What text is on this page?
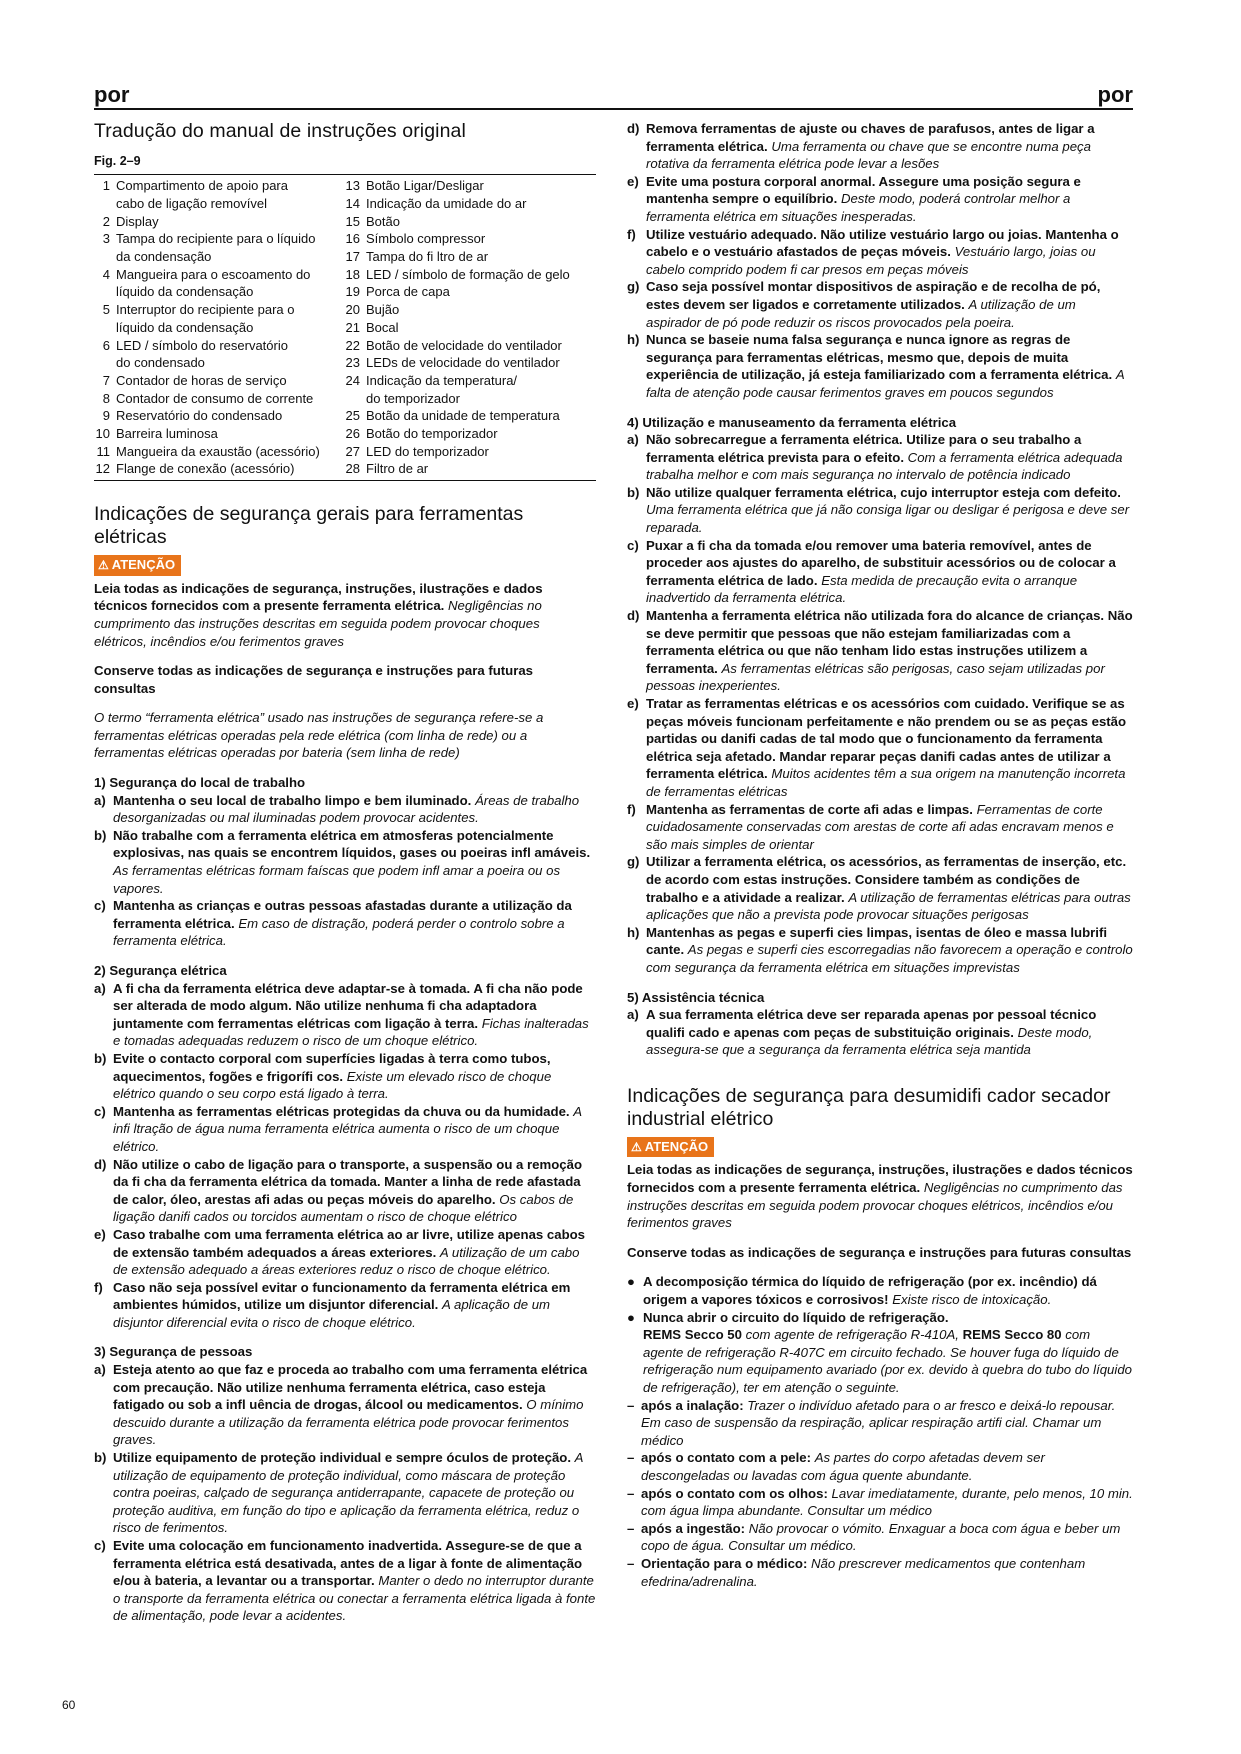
por	por
Tradução do manual de instruções original
Fig. 2–9
1	Compartimento de apoio para	13	Botão Ligar/Desligar
	cabo de ligação removível	14	Indicação da umidade do ar
2	Display	15	Botão
3	Tampa do recipiente para o líquido	16	Símbolo compressor
	da condensação	17	Tampa do fi ltro de ar
4	Mangueira para o escoamento do	18	LED / símbolo de formação de gelo
	líquido da condensação	19	Porca de capa
5	Interruptor do recipiente para o	20	Bujão
	líquido da condensação	21	Bocal
6	LED / símbolo do reservatório	22	Botão de velocidade do ventilador
	do condensado	23	LEDs de velocidade do ventilador
7	Contador de horas de serviço	24	Indicação da temperatura/
8	Contador de consumo de corrente		do temporizador
9	Reservatório do condensado	25	Botão da unidade de temperatura
10	Barreira luminosa	26	Botão do temporizador
11	Mangueira da exaustão (acessório)	27	LED do temporizador
12	Flange de conexão (acessório)	28	Filtro de ar
Indicações de segurança gerais para ferramentas elétricas
⚠ ATENÇÃO

Leia todas as indicações de segurança, instruções, ilustrações e dados técnicos fornecidos com a presente ferramenta elétrica. Negligências no cumprimento das instruções descritas em seguida podem provocar choques elétricos, incêndios e/ou ferimentos graves

Conserve todas as indicações de segurança e instruções para futuras consultas

O termo “ferramenta elétrica” usado nas instruções de segurança refere-se a ferramentas elétricas operadas pela rede elétrica (com linha de rede) ou a ferramentas elétricas operadas por bateria (sem linha de rede)

1) Segurança do local de trabalho

a) Mantenha o seu local de trabalho limpo e bem iluminado. Áreas de trabalho desorganizadas ou mal iluminadas podem provocar acidentes.
b) Não trabalhe com a ferramenta elétrica em atmosferas potencialmente explosivas, nas quais se encontrem líquidos, gases ou poeiras infl amáveis. As ferramentas elétricas formam faíscas que podem infl amar a poeira ou os vapores.
c) Mantenha as crianças e outras pessoas afastadas durante a utilização da ferramenta elétrica. Em caso de distração, poderá perder o controlo sobre a ferramenta elétrica.

2) Segurança elétrica

a) A fi cha da ferramenta elétrica deve adaptar-se à tomada. A fi cha não pode ser alterada de modo algum. Não utilize nenhuma fi cha adaptadora juntamente com ferramentas elétricas com ligação à terra. Fichas inalteradas e tomadas adequadas reduzem o risco de um choque elétrico.
b) Evite o contacto corporal com superfícies ligadas à terra como tubos, aquecimentos, fogões e frigorífi cos. Existe um elevado risco de choque elétrico quando o seu corpo está ligado à terra.
c) Mantenha as ferramentas elétricas protegidas da chuva ou da humidade. A infi ltração de água numa ferramenta elétrica aumenta o risco de um choque elétrico.
d) Não utilize o cabo de ligação para o transporte, a suspensão ou a remoção da fi cha da ferramenta elétrica da tomada. Manter a linha de rede afastada de calor, óleo, arestas afi adas ou peças móveis do aparelho. Os cabos de ligação danifi cados ou torcidos aumentam o risco de choque elétrico
e) Caso trabalhe com uma ferramenta elétrica ao ar livre, utilize apenas cabos de extensão também adequados a áreas exteriores. A utilização de um cabo de extensão adequado a áreas exteriores reduz o risco de choque elétrico.
f) Caso não seja possível evitar o funcionamento da ferramenta elétrica em ambientes húmidos, utilize um disjuntor diferencial. A aplicação de um disjuntor diferencial evita o risco de choque elétrico.

3) Segurança de pessoas

a) Esteja atento ao que faz e proceda ao trabalho com uma ferramenta elétrica com precaução. Não utilize nenhuma ferramenta elétrica, caso esteja fatigado ou sob a infl uência de drogas, álcool ou medicamentos. O mínimo descuido durante a utilização da ferramenta elétrica pode provocar ferimentos graves.
b) Utilize equipamento de proteção individual e sempre óculos de proteção. A utilização de equipamento de proteção individual, como máscara de proteção contra poeiras, calçado de segurança antiderrapante, capacete de proteção ou proteção auditiva, em função do tipo e aplicação da ferramenta elétrica, reduz o risco de ferimentos.
c) Evite uma colocação em funcionamento inadvertida. Assegure-se de que a ferramenta elétrica está desativada, antes de a ligar à fonte de alimentação e/ou à bateria, a levantar ou a transportar. Manter o dedo no interruptor durante o transporte da ferramenta elétrica ou conectar a ferramenta elétrica ligada à fonte de alimentação, pode levar a acidentes.
d) Remova ferramentas de ajuste ou chaves de parafusos, antes de ligar a ferramenta elétrica. Uma ferramenta ou chave que se encontre numa peça rotativa da ferramenta elétrica pode levar a lesões
e) Evite uma postura corporal anormal. Assegure uma posição segura e mantenha sempre o equilíbrio. Deste modo, poderá controlar melhor a ferramenta elétrica em situações inesperadas.
f) Utilize vestuário adequado. Não utilize vestuário largo ou joias. Mantenha o cabelo e o vestuário afastados de peças móveis. Vestuário largo, joias ou cabelo comprido podem fi car presos em peças móveis
g) Caso seja possível montar dispositivos de aspiração e de recolha de pó, estes devem ser ligados e corretamente utilizados. A utilização de um aspirador de pó pode reduzir os riscos provocados pela poeira.
h) Nunca se baseie numa falsa segurança e nunca ignore as regras de segurança para ferramentas elétricas, mesmo que, depois de muita experiência de utilização, já esteja familiarizado com a ferramenta elétrica. A falta de atenção pode causar ferimentos graves em poucos segundos

4) Utilização e manuseamento da ferramenta elétrica

a) Não sobrecarregue a ferramenta elétrica. Utilize para o seu trabalho a ferramenta elétrica prevista para o efeito. Com a ferramenta elétrica adequada trabalha melhor e com mais segurança no intervalo de potência indicado
b) Não utilize qualquer ferramenta elétrica, cujo interruptor esteja com defeito. Uma ferramenta elétrica que já não consiga ligar ou desligar é perigosa e deve ser reparada.
c) Puxar a fi cha da tomada e/ou remover uma bateria removível, antes de proceder aos ajustes do aparelho, de substituir acessórios ou de colocar a ferramenta elétrica de lado. Esta medida de precaução evita o arranque inadvertido da ferramenta elétrica.
d) Mantenha a ferramenta elétrica não utilizada fora do alcance de crianças. Não se deve permitir que pessoas que não estejam familiarizadas com a ferramenta elétrica ou que não tenham lido estas instruções utilizem a ferramenta. As ferramentas elétricas são perigosas, caso sejam utilizadas por pessoas inexperientes.
e) Tratar as ferramentas elétricas e os acessórios com cuidado. Verifique se as peças móveis funcionam perfeitamente e não prendem ou se as peças estão partidas ou danifi cadas de tal modo que o funcionamento da ferramenta elétrica seja afetado. Mandar reparar peças danifi cadas antes de utilizar a ferramenta elétrica. Muitos acidentes têm a sua origem na manutenção incorreta de ferramentas elétricas
f) Mantenha as ferramentas de corte afi adas e limpas. Ferramentas de corte cuidadosamente conservadas com arestas de corte afi adas encravam menos e são mais simples de orientar
g) Utilizar a ferramenta elétrica, os acessórios, as ferramentas de inserção, etc. de acordo com estas instruções. Considere também as condições de trabalho e a atividade a realizar. A utilização de ferramentas elétricas para outras aplicações que não a prevista pode provocar situações perigosas
h) Mantenhas as pegas e superfi cies limpas, isentas de óleo e massa lubrifi cante. As pegas e superfi cies escorregadias não favorecem a operação e controlo com segurança da ferramenta elétrica em situações imprevistas

5) Assistência técnica

a) A sua ferramenta elétrica deve ser reparada apenas por pessoal técnico qualifi cado e apenas com peças de substituição originais. Deste modo, assegura-se que a segurança da ferramenta elétrica seja mantida
Indicações de segurança para desumidifi cador secador industrial elétrico
⚠ ATENÇÃO

Leia todas as indicações de segurança, instruções, ilustrações e dados técnicos fornecidos com a presente ferramenta elétrica. Negligências no cumprimento das instruções descritas em seguida podem provocar choques elétricos, incêndios e/ou ferimentos graves

Conserve todas as indicações de segurança e instruções para futuras consultas

● A decomposição térmica do líquido de refrigeração (por ex. incêndio) dá origem a vapores tóxicos e corrosivos! Existe risco de intoxicação.
● Nunca abrir o circuito do líquido de refrigeração.
REMS Secco 50 com agente de refrigeração R-410A, REMS Secco 80 com agente de refrigeração R-407C em circuito fechado. Se houver fuga do líquido de refrigeração num equipamento avariado (por ex. devido à quebra do tubo do líquido de refrigeração), ter em atenção o seguinte.
– após a inalação: Trazer o indivíduo afetado para o ar fresco e deixá-lo repousar. Em caso de suspensão da respiração, aplicar respiração artifi cial. Chamar um médico
– após o contato com a pele: As partes do corpo afetadas devem ser descongeladas ou lavadas com água quente abundante.
– após o contato com os olhos: Lavar imediatamente, durante, pelo menos, 10 min. com água limpa abundante. Consultar um médico
– após a ingestão: Não provocar o vómito. Enxaguar a boca com água e beber um copo de água. Consultar um médico.
– Orientação para o médico: Não prescrever medicamentos que contenham efedrina/adrenalina.
60
